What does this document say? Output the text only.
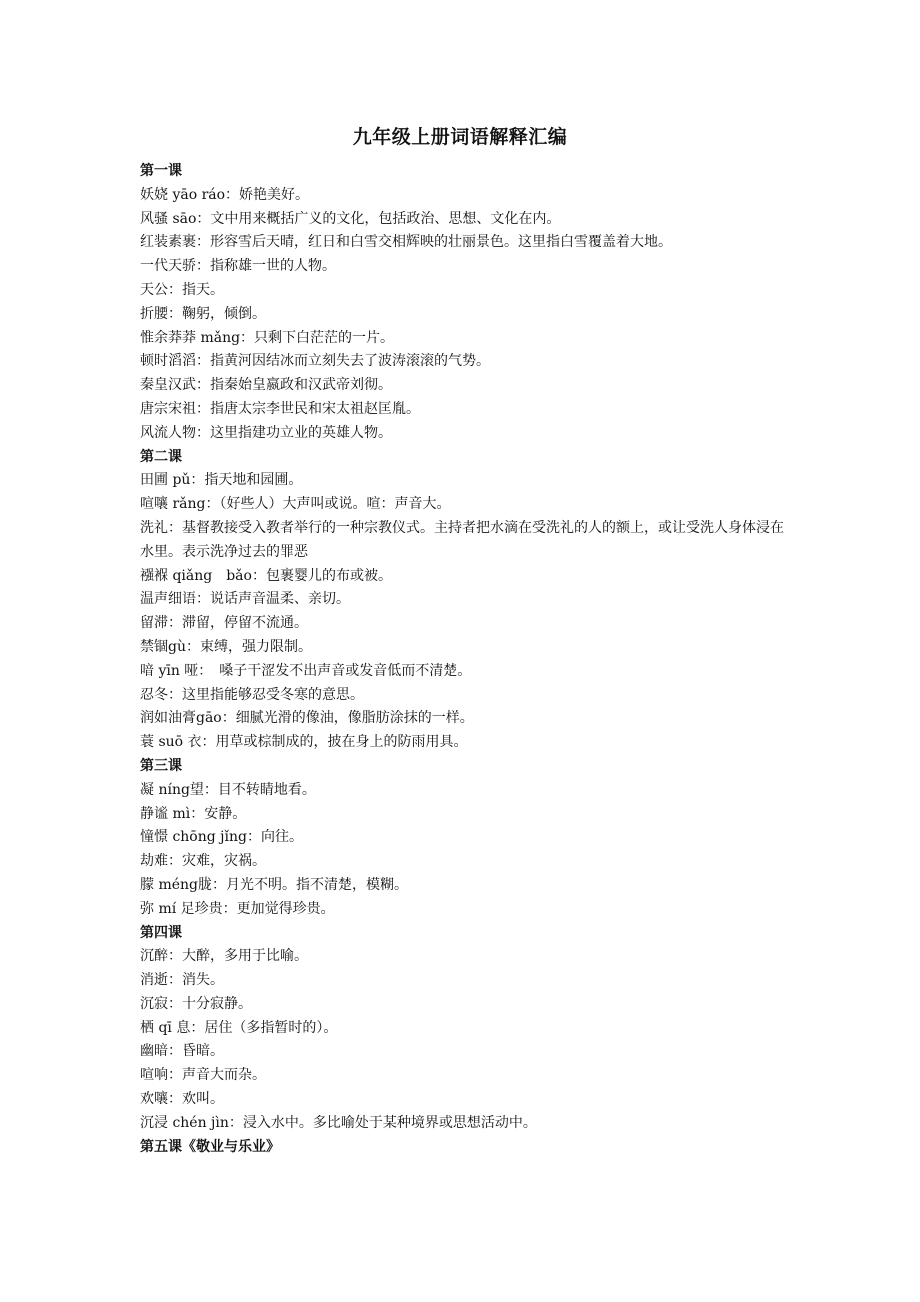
九年级上册词语解释汇编
第一课
妖娆 yāo ráo：娇艳美好。
风骚 sāo：文中用来概括广义的文化，包括政治、思想、文化在内。
红装素裹：形容雪后天晴，红日和白雪交相辉映的壮丽景色。这里指白雪覆盖着大地。
一代天骄：指称雄一世的人物。
天公：指天。
折腰：鞠躬，倾倒。
惟余莽莽 mǎng：只剩下白茫茫的一片。
顿时滔滔：指黄河因结冰而立刻失去了波涛滚滚的气势。
秦皇汉武：指秦始皇嬴政和汉武帝刘彻。
唐宗宋祖：指唐太宗李世民和宋太祖赵匡胤。
风流人物：这里指建功立业的英雄人物。
第二课
田圃 pǔ：指天地和园圃。
喧嚷 rǎng：（好些人）大声叫或说。喧：声音大。
洗礼：基督教接受入教者举行的一种宗教仪式。主持者把水滴在受洗礼的人的额上，或让受洗人身体浸在水里。表示洗净过去的罪恶
襁褓 qiǎng　bǎo：包裹婴儿的布或被。
温声细语：说话声音温柔、亲切。
留滞：滞留，停留不流通。
禁锢gù：束缚，强力限制。
喑 yīn 哑：　嗓子干涩发不出声音或发音低而不清楚。
忍冬：这里指能够忍受冬寒的意思。
润如油膏gāo：细腻光滑的像油，像脂肪涂抹的一样。
蓑 suō 衣：用草或棕制成的，披在身上的防雨用具。
第三课
凝 níng望：目不转睛地看。
静谧 mì：安静。
憧憬 chōng jǐng：向往。
劫难：灾难，灾祸。
朦 méng胧：月光不明。指不清楚，模糊。
弥 mí 足珍贵：更加觉得珍贵。
第四课
沉醉：大醉，多用于比喻。
消逝：消失。
沉寂：十分寂静。
栖 qī 息：居住（多指暂时的）。
幽暗：昏暗。
喧响：声音大而杂。
欢嚷：欢叫。
沉浸 chén jìn：浸入水中。多比喻处于某种境界或思想活动中。
第五课《敬业与乐业》
